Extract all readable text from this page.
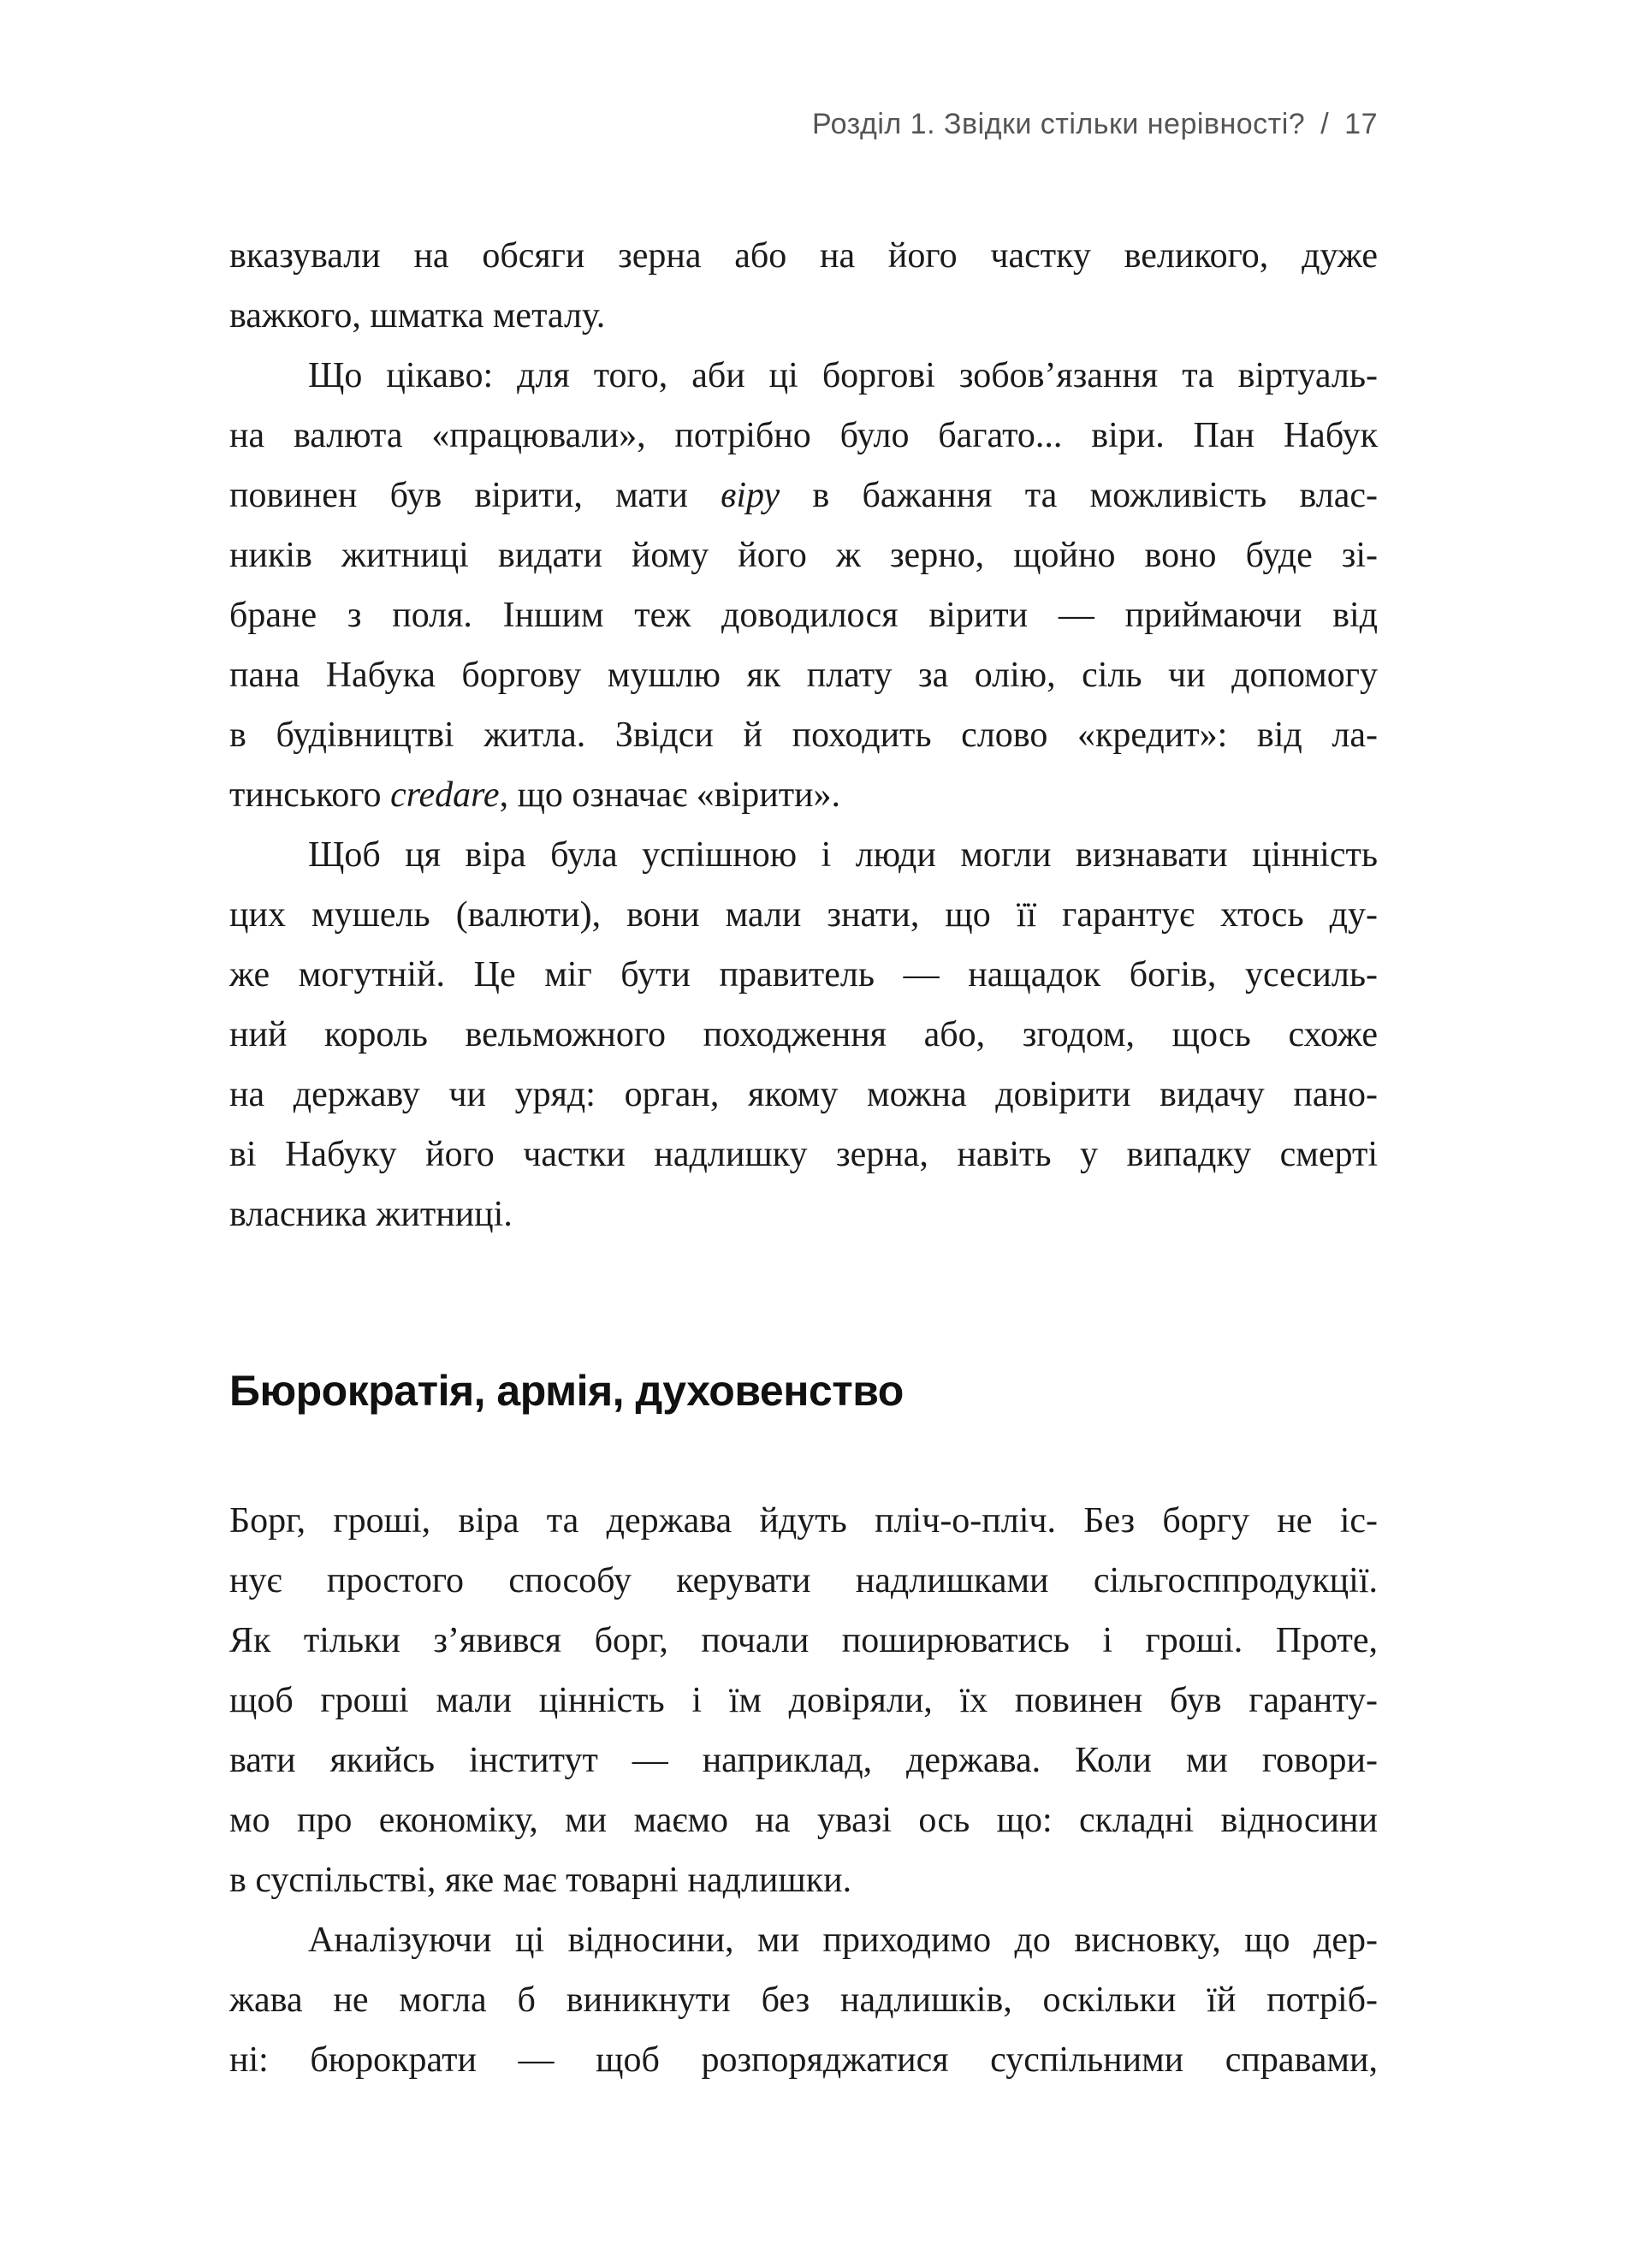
Розділ 1. Звідки стільки нерівності? / 17
вказували на обсяги зерна або на його частку великого, дуже
важкого, шматка металу.
Що цікаво: для того, аби ці боргові зобов’язання та віртуаль-
на валюта «працювали», потрібно було багато... віри. Пан Набук
повинен був вірити, мати віру в бажання та можливість влас-
ників житниці видати йому його ж зерно, щойно воно буде зі-
бране з поля. Іншим теж доводилося вірити — приймаючи від
пана Набука боргову мушлю як плату за олію, сіль чи допомогу
в будівництві житла. Звідси й походить слово «кредит»: від ла-
тинського credare, що означає «вірити».
Щоб ця віра була успішною і люди могли визнавати цінність
цих мушель (валюти), вони мали знати, що її гарантує хтось ду-
же могутній. Це міг бути правитель — нащадок богів, усесиль-
ний король вельможного походження або, згодом, щось схоже
на державу чи уряд: орган, якому можна довірити видачу пано-
ві Набуку його частки надлишку зерна, навіть у випадку смерті
власника житниці.
Бюрократія, армія, духовенство
Борг, гроші, віра та держава йдуть пліч-о-пліч. Без боргу не іс-
нує простого способу керувати надлишками сільгосппродукції.
Як тільки з’явився борг, почали поширюватись і гроші. Проте,
щоб гроші мали цінність і їм довіряли, їх повинен був гаранту-
вати якийсь інститут — наприклад, держава. Коли ми говори-
мо про економіку, ми маємо на увазі ось що: складні відносини
в суспільстві, яке має товарні надлишки.
Аналізуючи ці відносини, ми приходимо до висновку, що дер-
жава не могла б виникнути без надлишків, оскільки їй потріб-
ні: бюрократи — щоб розпоряджатися суспільними справами,
